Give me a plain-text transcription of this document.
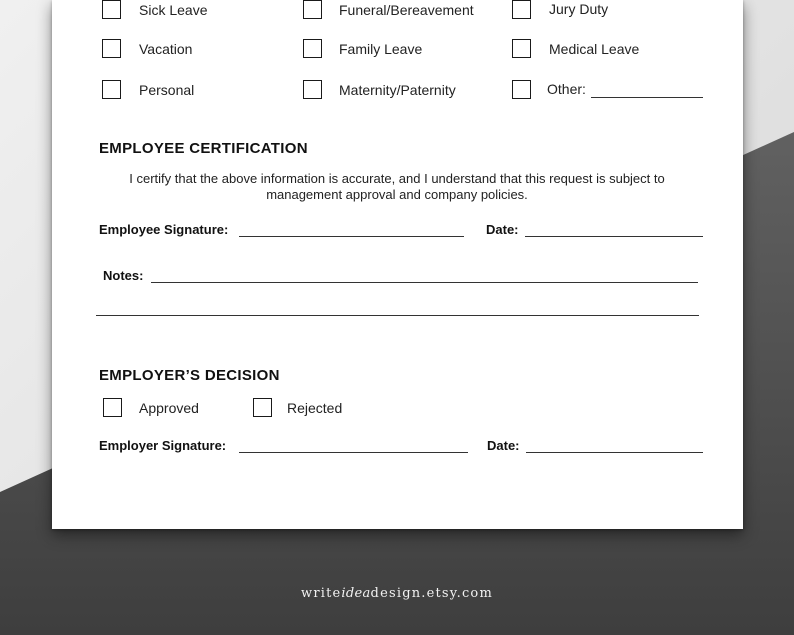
Sick Leave	Funeral/Bereavement	Jury Duty
Vacation	Family Leave	Medical Leave
Personal	Maternity/Paternity	Other:
EMPLOYEE CERTIFICATION
I certify that the above information is accurate, and I understand that this request is subject to management approval and company policies.
Employee Signature:	Date:
Notes:
EMPLOYER’S DECISION
Approved	Rejected
Employer Signature:	Date:
writeideadesign.etsy.com
